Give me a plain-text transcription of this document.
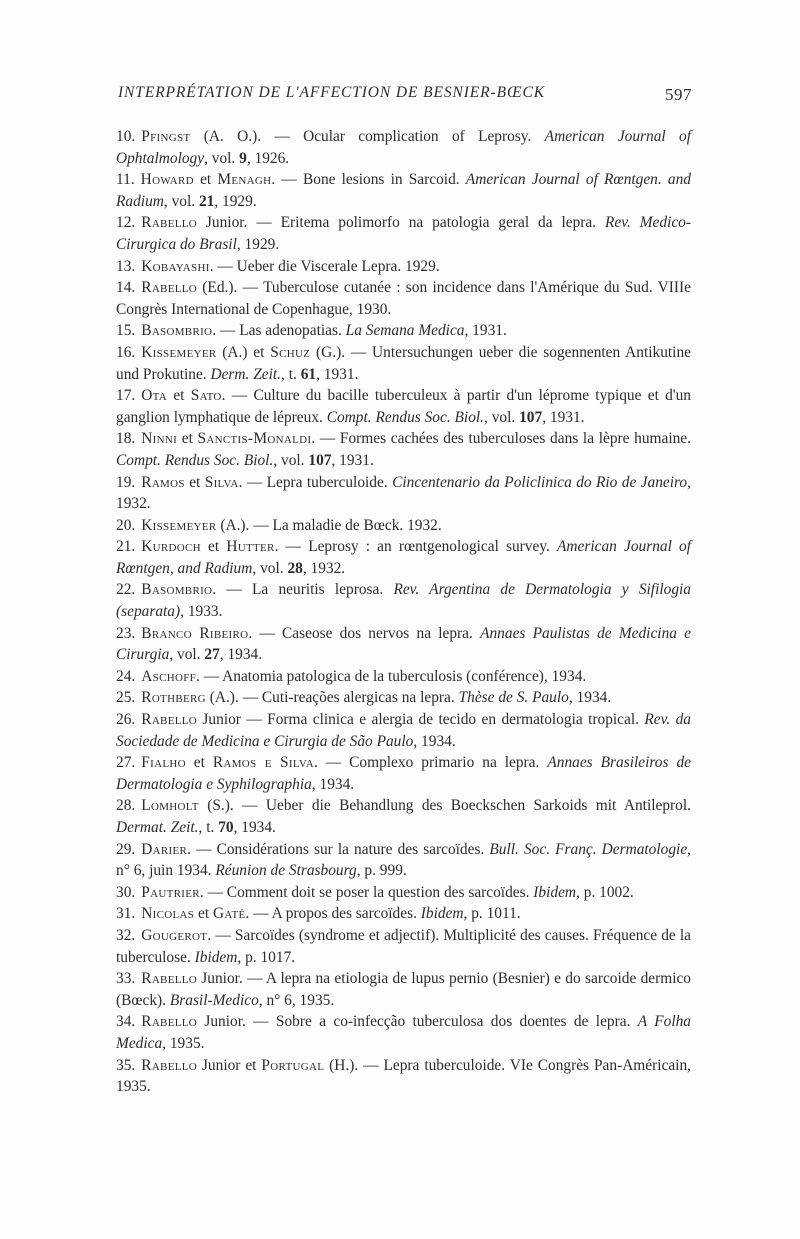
INTERPRÉTATION DE L'AFFECTION DE BESNIER-BŒCK	597
10. Pfingst (A. O.). — Ocular complication of Leprosy. American Journal of Ophtalmology, vol. 9, 1926.
11. Howard et Menagh. — Bone lesions in Sarcoid. American Journal of Rœntgen. and Radium, vol. 21, 1929.
12. Rabello Junior. — Eritema polimorfo na patologia geral da lepra. Rev. Medico-Cirurgica do Brasil, 1929.
13. Kobayashi. — Ueber die Viscerale Lepra. 1929.
14. Rabello (Ed.). — Tuberculose cutanée : son incidence dans l'Amérique du Sud. VIIIe Congrès International de Copenhague, 1930.
15. Basombrio. — Las adenopatias. La Semana Medica, 1931.
16. Kissemeyer (A.) et Schuz (G.). — Untersuchungen ueber die sogennenten Antikutine und Prokutine. Derm. Zeit., t. 61, 1931.
17. Ota et Sato. — Culture du bacille tuberculeux à partir d'un léprome typique et d'un ganglion lymphatique de lépreux. Compt. Rendus Soc. Biol., vol. 107, 1931.
18. Ninni et Sanctis-Monaldi. — Formes cachées des tuberculoses dans la lèpre humaine. Compt. Rendus Soc. Biol., vol. 107, 1931.
19. Ramos et Silva. — Lepra tuberculoide. Cincentenario da Policlinica do Rio de Janeiro, 1932.
20. Kissemeyer (A.). — La maladie de Bœck. 1932.
21. Kurdoch et Hutter. — Leprosy : an rœntgenological survey. American Journal of Rœntgen, and Radium, vol. 28, 1932.
22. Basombrio. — La neuritis leprosa. Rev. Argentina de Dermatologia y Sifilogia (separata), 1933.
23. Branco Ribeiro. — Caseose dos nervos na lepra. Annaes Paulistas de Medicina e Cirurgia, vol. 27, 1934.
24. Aschoff. — Anatomia patologica de la tuberculosis (conférence), 1934.
25. Rothberg (A.). — Cuti-reações alergicas na lepra. Thèse de S. Paulo, 1934.
26. Rabello Junior — Forma clinica e alergia de tecido en dermatologia tropical. Rev. da Sociedade de Medicina e Cirurgia de São Paulo, 1934.
27. Fialho et Ramos e Silva. — Complexo primario na lepra. Annaes Brasileiros de Dermatologia e Syphilographia, 1934.
28. Lomholt (S.). — Ueber die Behandlung des Boeckschen Sarkoids mit Antileprol. Dermat. Zeit., t. 70, 1934.
29. Darier. — Considérations sur la nature des sarcoïdes. Bull. Soc. Franç. Dermatologie, n° 6, juin 1934. Réunion de Strasbourg, p. 999.
30. Pautrier. — Comment doit se poser la question des sarcoïdes. Ibidem, p. 1002.
31. Nicolas et Gaté. — A propos des sarcoïdes. Ibidem, p. 1011.
32. Gougerot. — Sarcoïdes (syndrome et adjectif). Multiplicité des causes. Fréquence de la tuberculose. Ibidem, p. 1017.
33. Rabello Junior. — A lepra na etiologia de lupus pernio (Besnier) e do sarcoide dermico (Bœck). Brasil-Medico, n° 6, 1935.
34. Rabello Junior. — Sobre a co-infecção tuberculosa dos doentes de lepra. A Folha Medica, 1935.
35. Rabello Junior et Portugal (H.). — Lepra tuberculoide. VIe Congrès Pan-Américain, 1935.
